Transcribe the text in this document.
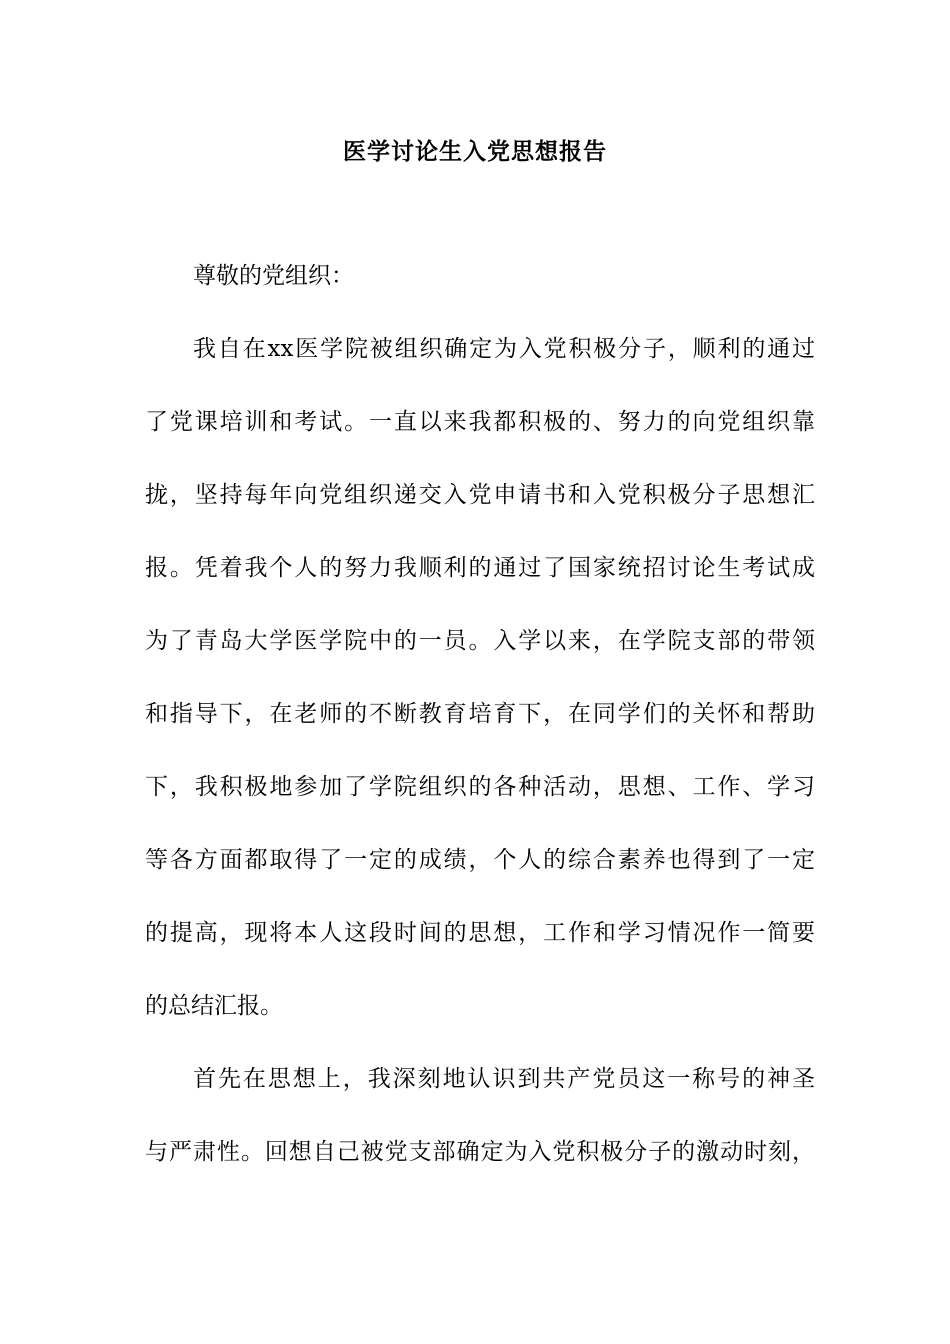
医学讨论生入党思想报告
尊敬的党组织：
我自在xx医学院被组织确定为入党积极分子，顺利的通过
了党课培训和考试。一直以来我都积极的、努力的向党组织靠
拢，坚持每年向党组织递交入党申请书和入党积极分子思想汇
报。凭着我个人的努力我顺利的通过了国家统招讨论生考试成
为了青岛大学医学院中的一员。入学以来，在学院支部的带领
和指导下，在老师的不断教育培育下，在同学们的关怀和帮助
下，我积极地参加了学院组织的各种活动，思想、工作、学习
等各方面都取得了一定的成绩，个人的综合素养也得到了一定
的提高，现将本人这段时间的思想，工作和学习情况作一简要
的总结汇报。
首先在思想上，我深刻地认识到共产党员这一称号的神圣
与严肃性。回想自己被党支部确定为入党积极分子的激动时刻，
